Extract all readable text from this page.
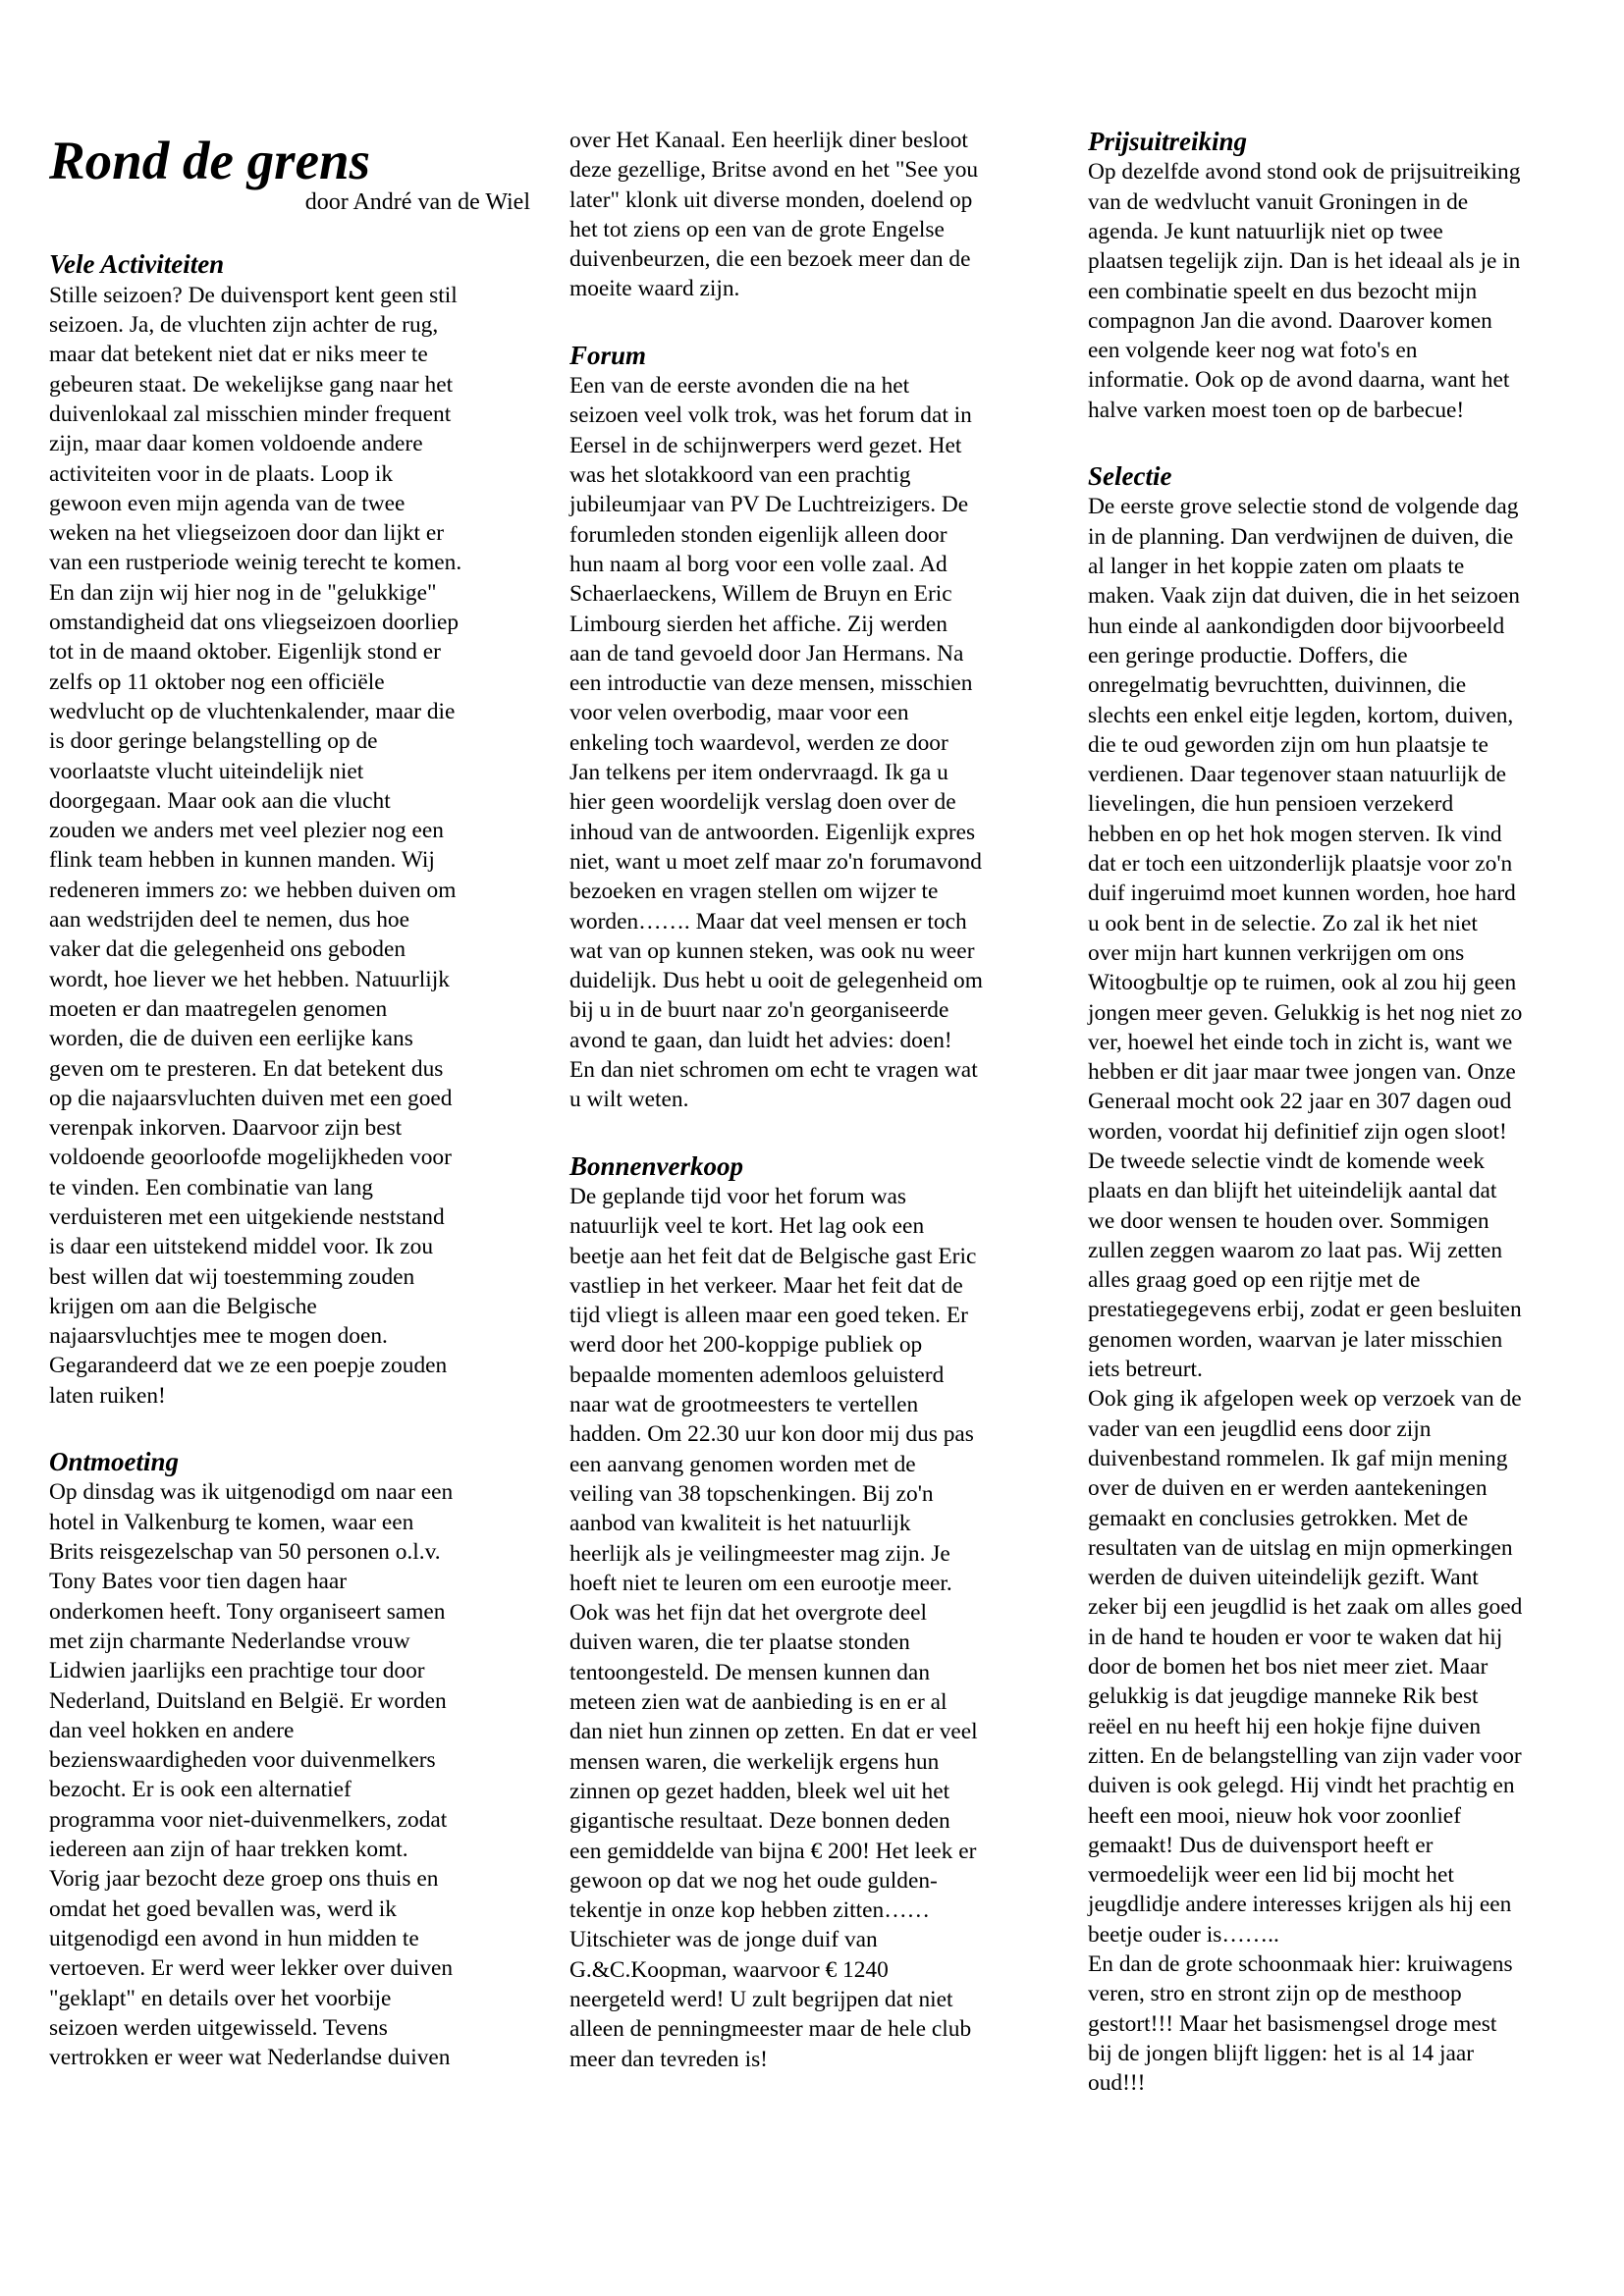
Rond de grens
door André van de Wiel
Vele Activiteiten

Stille seizoen? De duivensport kent geen stil
seizoen. Ja, de vluchten zijn achter de rug,
maar dat betekent niet dat er niks meer te
gebeuren staat. De wekelijkse gang naar het
duivenlokaal zal misschien minder frequent
zijn, maar daar komen voldoende andere
activiteiten voor in de plaats. Loop ik
gewoon even mijn agenda van de twee
weken na het vliegseizoen door dan lijkt er
van een rustperiode weinig terecht te komen.
En dan zijn wij hier nog in de "gelukkige"
omstandigheid dat ons vliegseizoen doorliep
tot in de maand oktober. Eigenlijk stond er
zelfs op 11 oktober nog een officiële
wedvlucht op de vluchtenkalender, maar die
is door geringe belangstelling op de
voorlaatste vlucht uiteindelijk niet
doorgegaan. Maar ook aan die vlucht
zouden we anders met veel plezier nog een
flink team hebben in kunnen manden. Wij
redeneren immers zo: we hebben duiven om
aan wedstrijden deel te nemen, dus hoe
vaker dat die gelegenheid ons geboden
wordt, hoe liever we het hebben. Natuurlijk
moeten er dan maatregelen genomen
worden, die de duiven een eerlijke kans
geven om te presteren. En dat betekent dus
op die najaarsvluchten duiven met een goed
verenpak inkorven. Daarvoor zijn best
voldoende geoorloofde mogelijkheden voor
te vinden. Een combinatie van lang
verduisteren met een uitgekiende neststand
is daar een uitstekend middel voor. Ik zou
best willen dat wij toestemming zouden
krijgen om aan die Belgische
najaarsvluchtjes mee te mogen doen.
Gegarandeerd dat we ze een poepje zouden
laten ruiken!

Ontmoeting

Op dinsdag was ik uitgenodigd om naar een
hotel in Valkenburg te komen, waar een
Brits reisgezelschap van 50 personen o.l.v.
Tony Bates voor tien dagen haar
onderkomen heeft. Tony organiseert samen
met zijn charmante Nederlandse vrouw
Lidwien jaarlijks een prachtige tour door
Nederland, Duitsland en België. Er worden
dan veel hokken en andere
bezienswaardigheden voor duivenmelkers
bezocht. Er is ook een alternatief
programma voor niet-duivenmelkers, zodat
iedereen aan zijn of haar trekken komt.
Vorig jaar bezocht deze groep ons thuis en
omdat het goed bevallen was, werd ik
uitgenodigd een avond in hun midden te
vertoeven. Er werd weer lekker over duiven
"geklapt" en details over het voorbije
seizoen werden uitgewisseld. Tevens
vertrokken er weer wat Nederlandse duiven

over Het Kanaal. Een heerlijk diner besloot
deze gezellige, Britse avond en het "See you
later" klonk uit diverse monden, doelend op
het tot ziens op een van de grote Engelse
duivenbeurzen, die een bezoek meer dan de
moeite waard zijn.

Forum

Een van de eerste avonden die na het
seizoen veel volk trok, was het forum dat in
Eersel in de schijnwerpers werd gezet. Het
was het slotakkoord van een prachtig
jubileumjaar van PV De Luchtreizigers. De
forumleden stonden eigenlijk alleen door
hun naam al borg voor een volle zaal. Ad
Schaerlaeckens, Willem de Bruyn en Eric
Limbourg sierden het affiche. Zij werden
aan de tand gevoeld door Jan Hermans. Na
een introductie van deze mensen, misschien
voor velen overbodig, maar voor een
enkeling toch waardevol, werden ze door
Jan telkens per item ondervraagd. Ik ga u
hier geen woordelijk verslag doen over de
inhoud van de antwoorden. Eigenlijk expres
niet, want u moet zelf maar zo'n forumavond
bezoeken en vragen stellen om wijzer te
worden……. Maar dat veel mensen er toch
wat van op kunnen steken, was ook nu weer
duidelijk. Dus hebt u ooit de gelegenheid om
bij u in de buurt naar zo'n georganiseerde
avond te gaan, dan luidt het advies: doen!
En dan niet schromen om echt te vragen wat
u wilt weten.

Bonnenverkoop

De geplande tijd voor het forum was
natuurlijk veel te kort. Het lag ook een
beetje aan het feit dat de Belgische gast Eric
vastliep in het verkeer. Maar het feit dat de
tijd vliegt is alleen maar een goed teken. Er
werd door het 200-koppige publiek op
bepaalde momenten ademloos geluisterd
naar wat de grootmeesters te vertellen
hadden. Om 22.30 uur kon door mij dus pas
een aanvang genomen worden met de
veiling van 38 topschenkingen. Bij zo'n
aanbod van kwaliteit is het natuurlijk
heerlijk als je veilingmeester mag zijn. Je
hoeft niet te leuren om een eurootje meer.
Ook was het fijn dat het overgrote deel
duiven waren, die ter plaatse stonden
tentoongesteld. De mensen kunnen dan
meteen zien wat de aanbieding is en er al
dan niet hun zinnen op zetten. En dat er veel
mensen waren, die werkelijk ergens hun
zinnen op gezet hadden, bleek wel uit het
gigantische resultaat. Deze bonnen deden
een gemiddelde van bijna € 200! Het leek er
gewoon op dat we nog het oude gulden-
tekentje in onze kop hebben zitten……
Uitschieter was de jonge duif van
G.&C.Koopman, waarvoor € 1240
neergeteld werd! U zult begrijpen dat niet
alleen de penningmeester maar de hele club
meer dan tevreden is!

Prijsuitreiking

Op dezelfde avond stond ook de prijsuitreiking
van de wedvlucht vanuit Groningen in de
agenda. Je kunt natuurlijk niet op twee
plaatsen tegelijk zijn. Dan is het ideaal als je in
een combinatie speelt en dus bezocht mijn
compagnon Jan die avond. Daarover komen
een volgende keer nog wat foto's en
informatie. Ook op de avond daarna, want het
halve varken moest toen op de barbecue!

Selectie

De eerste grove selectie stond de volgende dag
in de planning. Dan verdwijnen de duiven, die
al langer in het koppie zaten om plaats te
maken. Vaak zijn dat duiven, die in het seizoen
hun einde al aankondigden door bijvoorbeeld
een geringe productie. Doffers, die
onregelmatig bevruchtten, duivinnen, die
slechts een enkel eitje legden, kortom, duiven,
die te oud geworden zijn om hun plaatsje te
verdienen. Daar tegenover staan natuurlijk de
lievelingen, die hun pensioen verzekerd
hebben en op het hok mogen sterven. Ik vind
dat er toch een uitzonderlijk plaatsje voor zo'n
duif ingeruimd moet kunnen worden, hoe hard
u ook bent in de selectie. Zo zal ik het niet
over mijn hart kunnen verkrijgen om ons
Witoogbultje op te ruimen, ook al zou hij geen
jongen meer geven. Gelukkig is het nog niet zo
ver, hoewel het einde toch in zicht is, want we
hebben er dit jaar maar twee jongen van. Onze
Generaal mocht ook 22 jaar en 307 dagen oud
worden, voordat hij definitief zijn ogen sloot!
De tweede selectie vindt de komende week
plaats en dan blijft het uiteindelijk aantal dat
we door wensen te houden over. Sommigen
zullen zeggen waarom zo laat pas. Wij zetten
alles graag goed op een rijtje met de
prestatiegegevens erbij, zodat er geen besluiten
genomen worden, waarvan je later misschien
iets betreurt.
Ook ging ik afgelopen week op verzoek van de
vader van een jeugdlid eens door zijn
duivenbestand rommelen. Ik gaf mijn mening
over de duiven en er werden aantekeningen
gemaakt en conclusies getrokken. Met de
resultaten van de uitslag en mijn opmerkingen
werden de duiven uiteindelijk gezift. Want
zeker bij een jeugdlid is het zaak om alles goed
in de hand te houden er voor te waken dat hij
door de bomen het bos niet meer ziet. Maar
gelukkig is dat jeugdige manneke Rik best
reëel en nu heeft hij een hokje fijne duiven
zitten. En de belangstelling van zijn vader voor
duiven is ook gelegd. Hij vindt het prachtig en
heeft een mooi, nieuw hok voor zoonlief
gemaakt! Dus de duivensport heeft er
vermoedelijk weer een lid bij mocht het
jeugdlidje andere interesses krijgen als hij een
beetje ouder is……..
En dan de grote schoonmaak hier: kruiwagens
veren, stro en stront zijn op de mesthoop
gestort!!! Maar het basismengsel droge mest
bij de jongen blijft liggen: het is al 14 jaar
oud!!!
